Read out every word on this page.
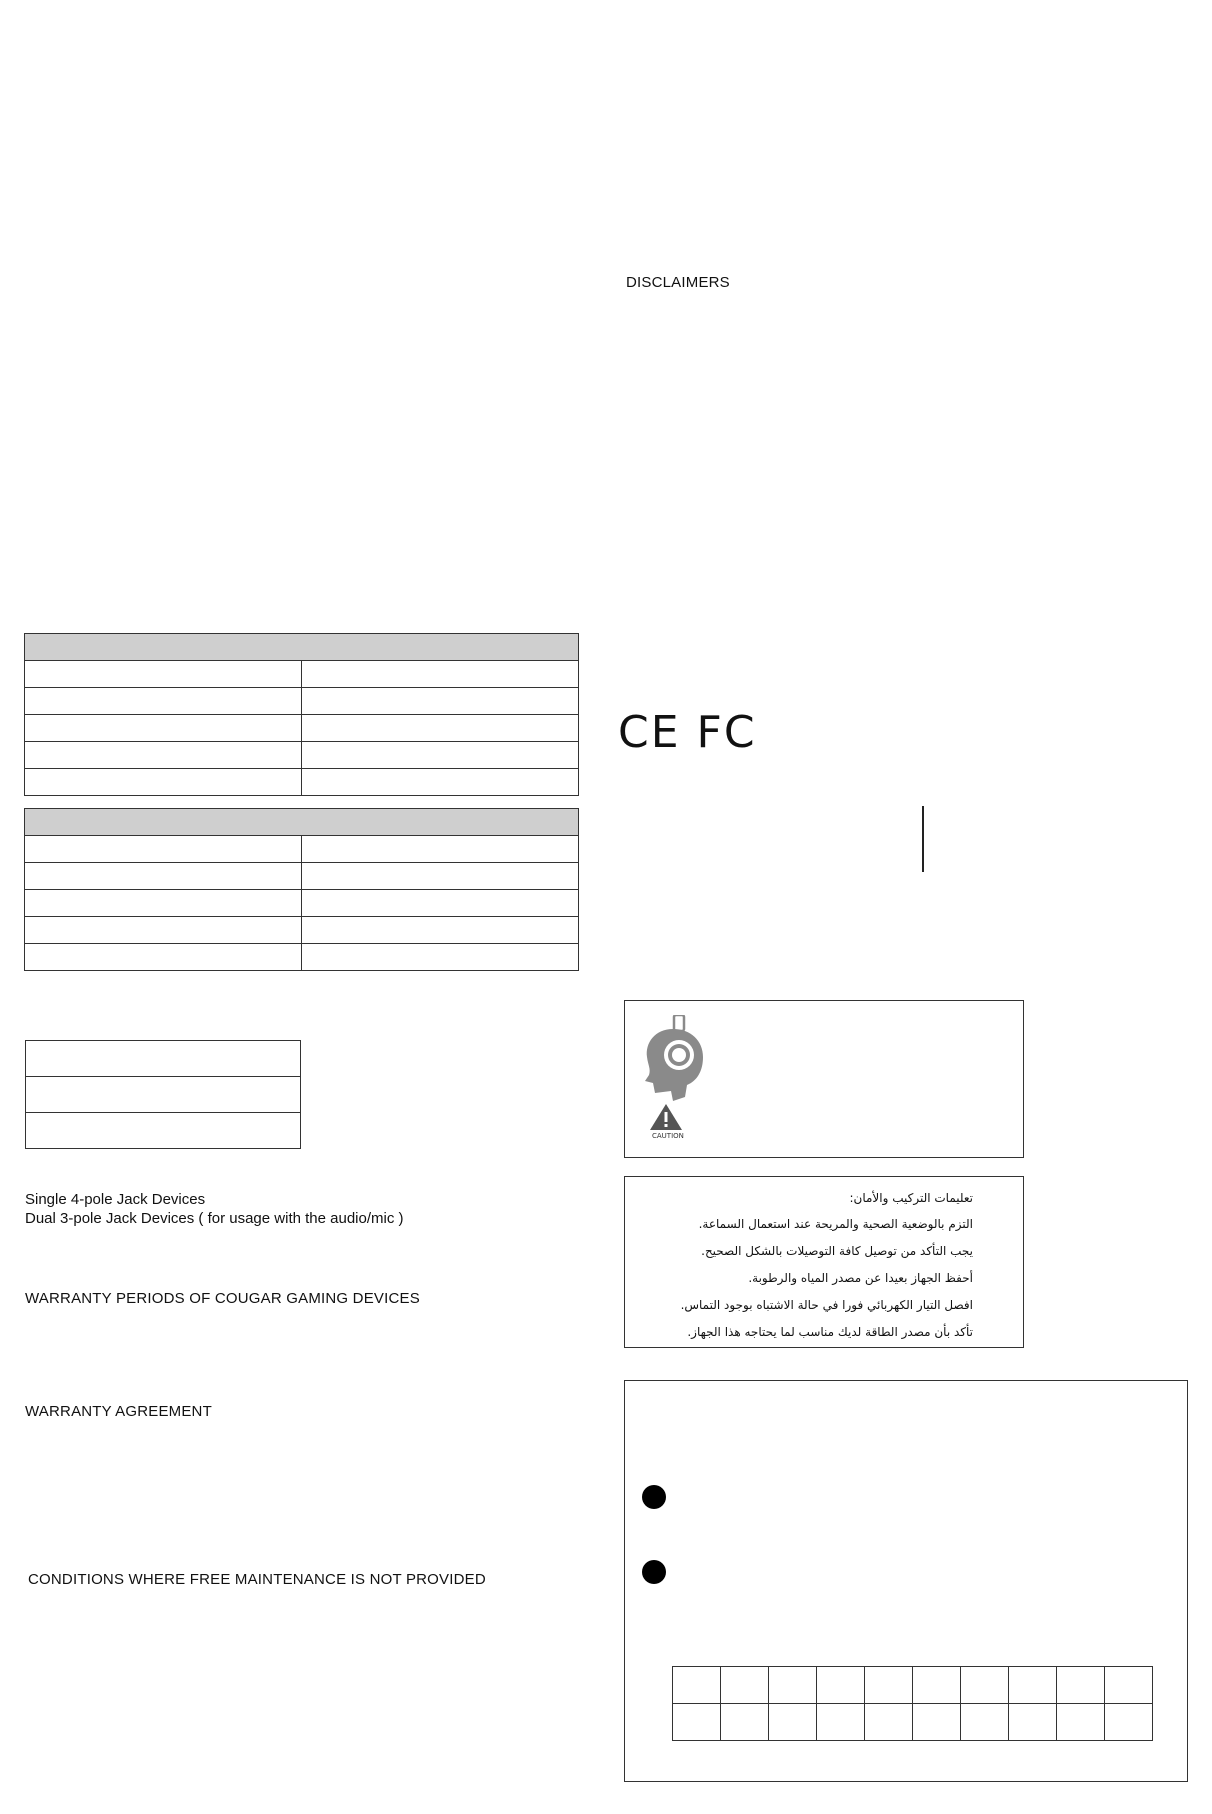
DISCLAIMERS
CE FC
CAUTION
تعليمات التركيب والأمان:
التزم بالوضعية الصحية والمريحة عند استعمال السماعة.
يجب التأكد من توصيل كافة التوصيلات بالشكل الصحيح.
أحفظ الجهاز بعيدا عن مصدر المياه والرطوبة.
افصل التيار الكهربائي فورا في حالة الاشتباه بوجود التماس.
تأكد بأن مصدر الطاقة لديك مناسب لما يحتاجه هذا الجهاز.
Single 4-pole Jack Devices
Dual 3-pole Jack Devices ( for usage with the audio/mic )
WARRANTY PERIODS OF COUGAR GAMING DEVICES
WARRANTY AGREEMENT
CONDITIONS WHERE FREE MAINTENANCE IS NOT PROVIDED
